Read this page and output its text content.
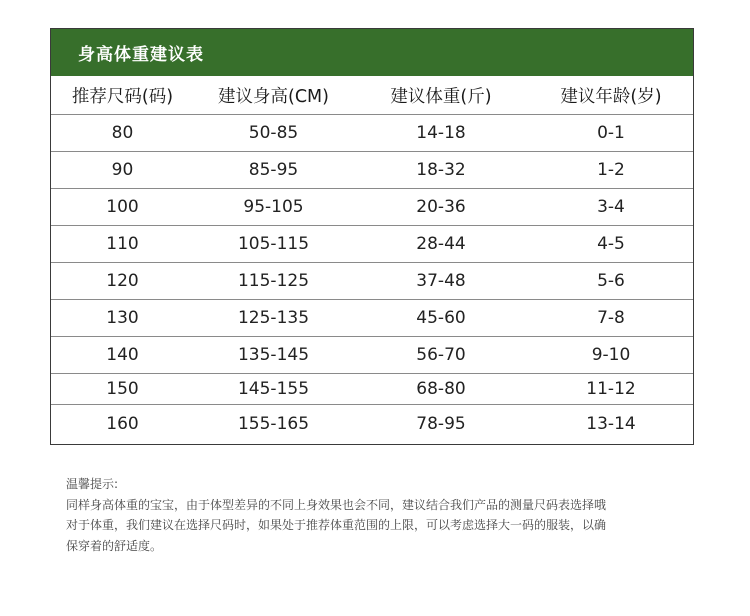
身高体重建议表
推荐尺码(码)	建议身高(CM)	建议体重(斤)	建议年龄(岁)
80	50-85	14-18	0-1
90	85-95	18-32	1-2
100	95-105	20-36	3-4
110	105-115	28-44	4-5
120	115-125	37-48	5-6
130	125-135	45-60	7-8
140	135-145	56-70	9-10
150	145-155	68-80	11-12
160	155-165	78-95	13-14

温馨提示:

同样身高体重的宝宝，由于体型差异的不同上身效果也会不同，建议结合我们产品的测量尺码表选择哦

对于体重，我们建议在选择尺码时，如果处于推荐体重范围的上限，可以考虑选择大一码的服装，以确

保穿着的舒适度。
